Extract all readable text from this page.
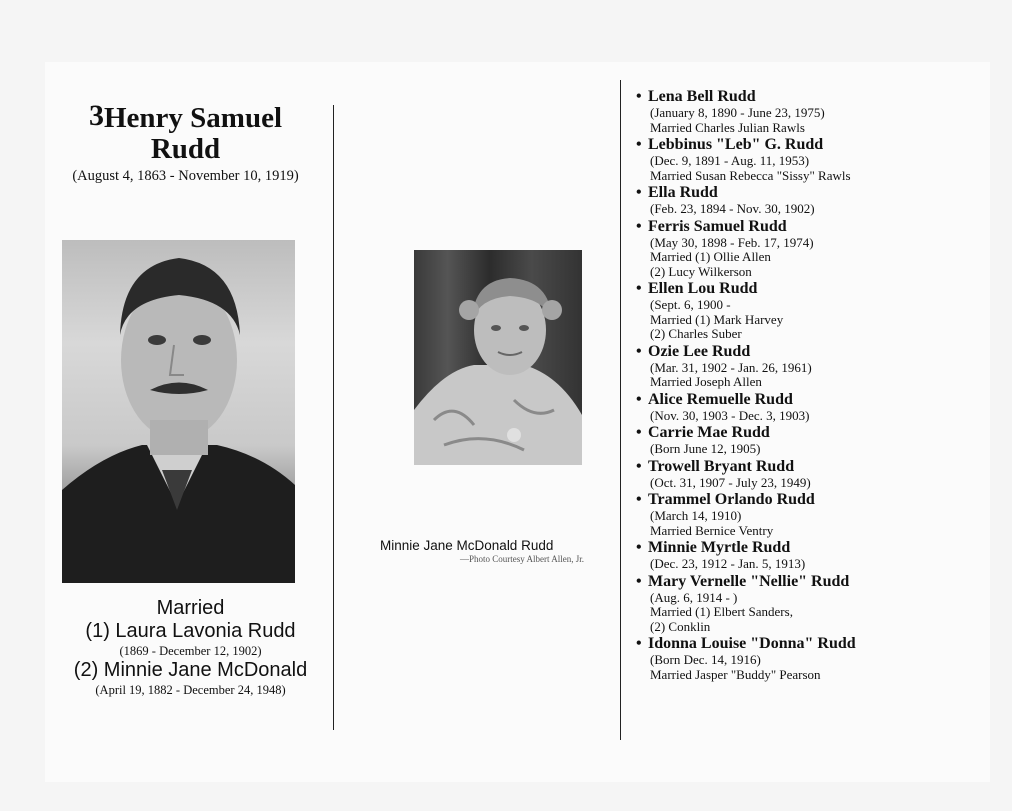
3Henry Samuel
Rudd
(August 4, 1863 - November 10, 1919)
Married
(1) Laura Lavonia Rudd
(1869 - December 12, 1902)
(2) Minnie Jane McDonald
(April 19, 1882 - December 24, 1948)
Minnie Jane McDonald Rudd
—Photo Courtesy Albert Allen, Jr.
• Lena Bell Rudd
(January 8, 1890 - June 23, 1975)
Married Charles Julian Rawls
• Lebbinus "Leb" G. Rudd
(Dec. 9, 1891 - Aug. 11, 1953)
Married Susan Rebecca "Sissy" Rawls
• Ella Rudd
(Feb. 23, 1894 - Nov. 30, 1902)
• Ferris Samuel Rudd
(May 30, 1898 - Feb. 17, 1974)
Married (1) Ollie Allen
(2) Lucy Wilkerson
• Ellen Lou Rudd
(Sept. 6, 1900 -
Married (1) Mark Harvey
(2) Charles Suber
• Ozie Lee Rudd
(Mar. 31, 1902 - Jan. 26, 1961)
Married Joseph Allen
• Alice Remuelle Rudd
(Nov. 30, 1903 - Dec. 3, 1903)
• Carrie Mae Rudd
(Born June 12, 1905)
• Trowell Bryant Rudd
(Oct. 31, 1907 - July 23, 1949)
• Trammel Orlando Rudd
(March 14, 1910)
Married Bernice Ventry
• Minnie Myrtle Rudd
(Dec. 23, 1912 - Jan. 5, 1913)
• Mary Vernelle "Nellie" Rudd
(Aug. 6, 1914 - )
Married (1) Elbert Sanders,
(2) Conklin
• Idonna Louise "Donna" Rudd
(Born Dec. 14, 1916)
Married Jasper "Buddy" Pearson
